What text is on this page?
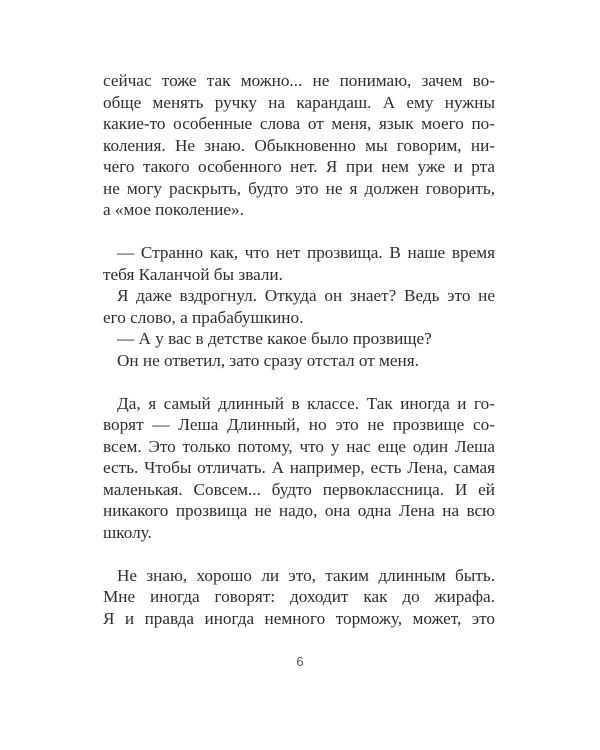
сейчас тоже так можно... не понимаю, зачем во-
обще менять ручку на карандаш. А ему нужны
какие-то особенные слова от меня, язык моего по-
коления. Не знаю. Обыкновенно мы говорим, ни-
чего такого особенного нет. Я при нем уже и рта
не могу раскрыть, будто это не я должен говорить,
а «мое поколение».
— Странно как, что нет прозвища. В наше время
тебя Каланчой бы звали.
Я даже вздрогнул. Откуда он знает? Ведь это не
его слово, а прабабушкино.
— А у вас в детстве какое было прозвище?
Он не ответил, зато сразу отстал от меня.
Да, я самый длинный в классе. Так иногда и го-
ворят — Леша Длинный, но это не прозвище со-
всем. Это только потому, что у нас еще один Леша
есть. Чтобы отличать. А например, есть Лена, самая
маленькая. Совсем... будто первоклассница. И ей
никакого прозвища не надо, она одна Лена на всю
школу.
Не знаю, хорошо ли это, таким длинным быть.
Мне иногда говорят: доходит как до жирафа.
Я и правда иногда немного торможу, может, это
6
